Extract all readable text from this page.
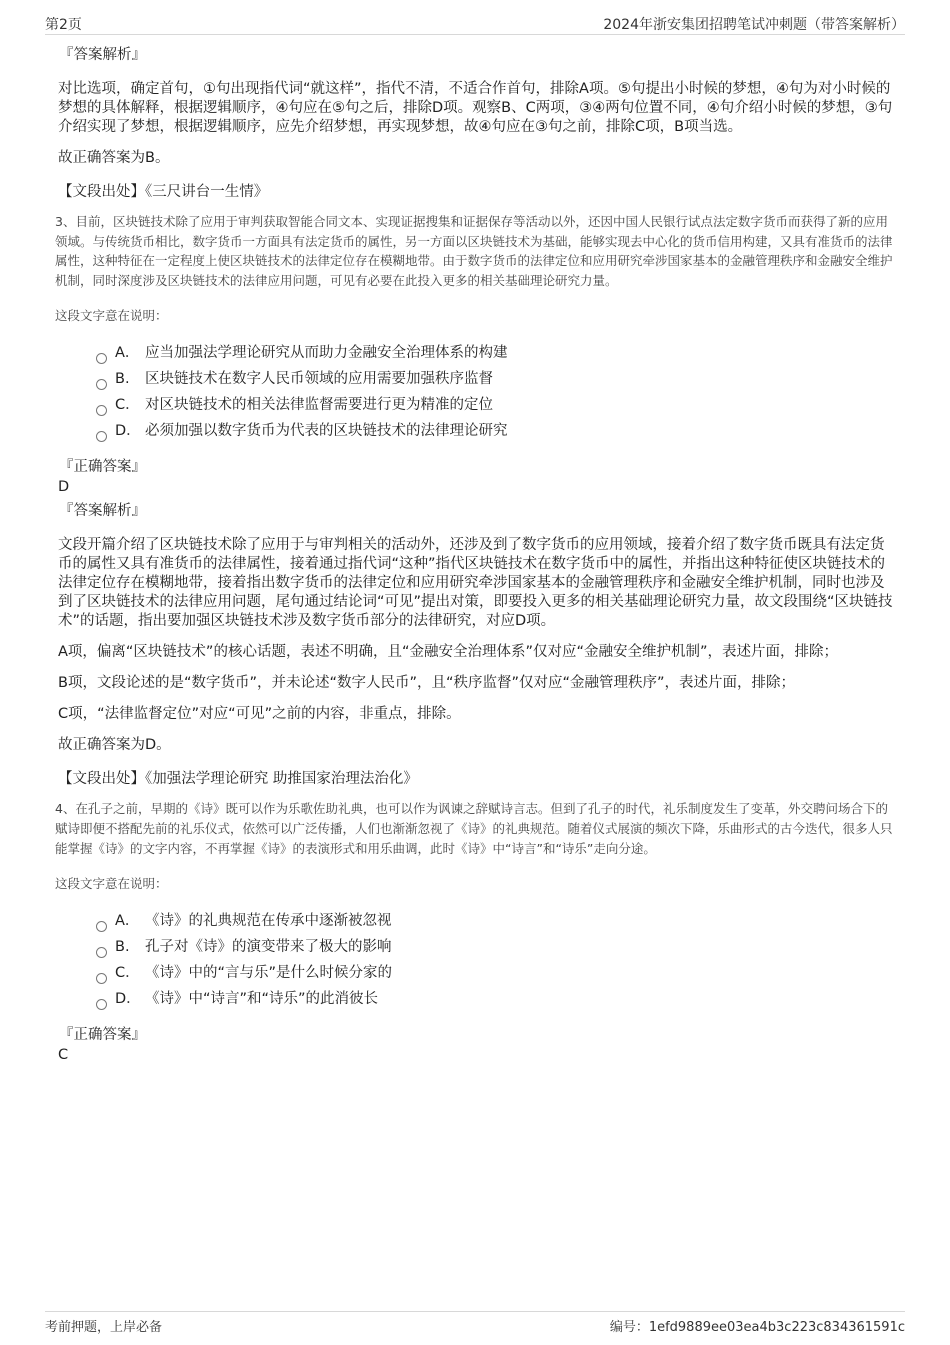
第2页	2024年浙安集团招聘笔试冲刺题（带答案解析）
『答案解析』
对比选项，确定首句，①句出现指代词“就这样”，指代不清，不适合作首句，排除A项。⑤句提出小时候的梦想，④句为对小时候的梦想的具体解释，根据逻辑顺序，④句应在⑤句之后，排除D项。观察B、C两项，③④两句位置不同，④句介绍小时候的梦想，③句介绍实现了梦想，根据逻辑顺序，应先介绍梦想，再实现梦想，故④句应在③句之前，排除C项，B项当选。
故正确答案为B。
【文段出处】《三尺讲台一生情》
3、目前，区块链技术除了应用于审判获取智能合同文本、实现证据搜集和证据保存等活动以外，还因中国人民银行试点法定数字货币而获得了新的应用领域。与传统货币相比，数字货币一方面具有法定货币的属性，另一方面以区块链技术为基础，能够实现去中心化的货币信用构建，又具有准货币的法律属性，这种特征在一定程度上使区块链技术的法律定位存在模糊地带。由于数字货币的法律定位和应用研究牵涉国家基本的金融管理秩序和金融安全维护机制，同时深度涉及区块链技术的法律应用问题，可见有必要在此投入更多的相关基础理论研究力量。
这段文字意在说明：
A． 应当加强法学理论研究从而助力金融安全治理体系的构建
B. 区块链技术在数字人民币领域的应用需要加强秩序监督
C． 对区块链技术的相关法律监督需要进行更为精准的定位
D． 必须加强以数字货币为代表的区块链技术的法律理论研究
『正确答案』
D
『答案解析』
文段开篇介绍了区块链技术除了应用于与审判相关的活动外，还涉及到了数字货币的应用领域，接着介绍了数字货币既具有法定货币的属性又具有准货币的法律属性，接着通过指代词“这种”指代区块链技术在数字货币中的属性，并指出这种特征使区块链技术的法律定位存在模糊地带，接着指出数字货币的法律定位和应用研究牵涉国家基本的金融管理秩序和金融安全维护机制，同时也涉及到了区块链技术的法律应用问题，尾句通过结论词“可见”提出对策，即要投入更多的相关基础理论研究力量，故文段围绕“区块链技术”的话题，指出要加强区块链技术涉及数字货币部分的法律研究，对应D项。
A项，偏离“区块链技术”的核心话题，表述不明确，且“金融安全治理体系”仅对应“金融安全维护机制”，表述片面，排除；
B项，文段论述的是“数字货币”，并未论述“数字人民币”，且“秩序监督”仅对应“金融管理秩序”，表述片面，排除；
C项，“法律监督定位”对应“可见”之前的内容，非重点，排除。
故正确答案为D。
【文段出处】《加强法学理论研究 助推国家治理法治化》
4、在孔子之前，早期的《诗》既可以作为乐歌佐助礼典，也可以作为讽谏之辞赋诗言志。但到了孔子的时代，礼乐制度发生了变革，外交聘问场合下的赋诗即便不搭配先前的礼乐仪式，依然可以广泛传播，人们也渐渐忽视了《诗》的礼典规范。随着仪式展演的频次下降，乐曲形式的古今迭代，很多人只能掌握《诗》的文字内容，不再掌握《诗》的表演形式和用乐曲调，此时《诗》中“诗言”和“诗乐”走向分途。
这段文字意在说明：
A． 《诗》的礼典规范在传承中逐渐被忽视
B. 孔子对《诗》的演变带来了极大的影响
C． 《诗》中的“言与乐”是什么时候分家的
D． 《诗》中“诗言”和“诗乐”的此消彼长
『正确答案』
C
考前押题，上岸必备	编号：1efd9889ee03ea4b3c223c834361591c
